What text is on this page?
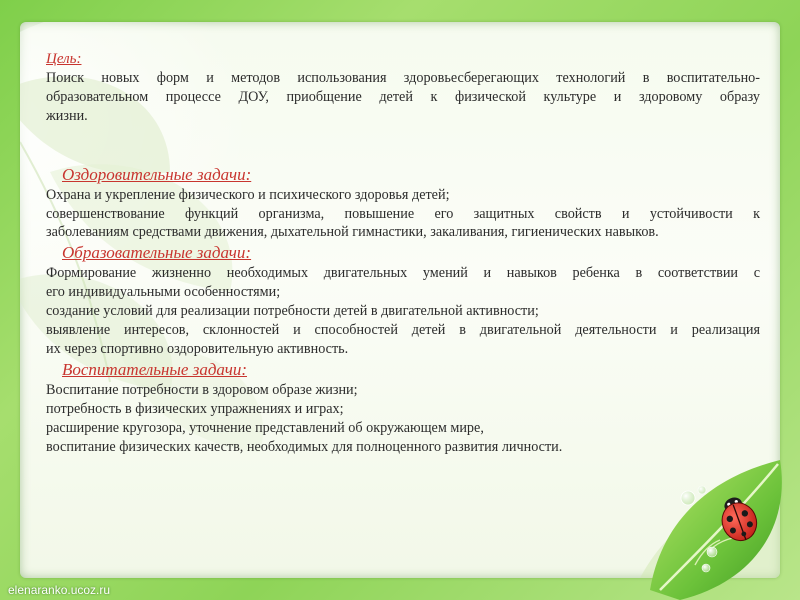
Цель:
Поиск новых форм и методов использования здоровьесберегающих технологий в воспитательно-
образовательном процессе ДОУ, приобщение детей к физической культуре и здоровому образу
жизни.
Оздоровительные задачи:
Охрана и укрепление физического и психического здоровья детей;
совершенствование функций организма, повышение его защитных свойств и устойчивости к
заболеваниям средствами движения, дыхательной гимнастики, закаливания, гигиенических навыков.
Образовательные задачи:
Формирование жизненно необходимых двигательных умений и навыков ребенка в соответствии с
его индивидуальными особенностями;
создание условий для реализации потребности детей в двигательной активности;
выявление интересов, склонностей и способностей детей в двигательной деятельности и реализация
их через спортивно оздоровительную активность.
Воспитательные задачи:
Воспитание потребности в здоровом образе жизни;
потребность в физических упражнениях и играх;
расширение кругозора, уточнение представлений об окружающем мире,
воспитание физических качеств, необходимых для полноценного развития личности.
elenaranko.ucoz.ru
